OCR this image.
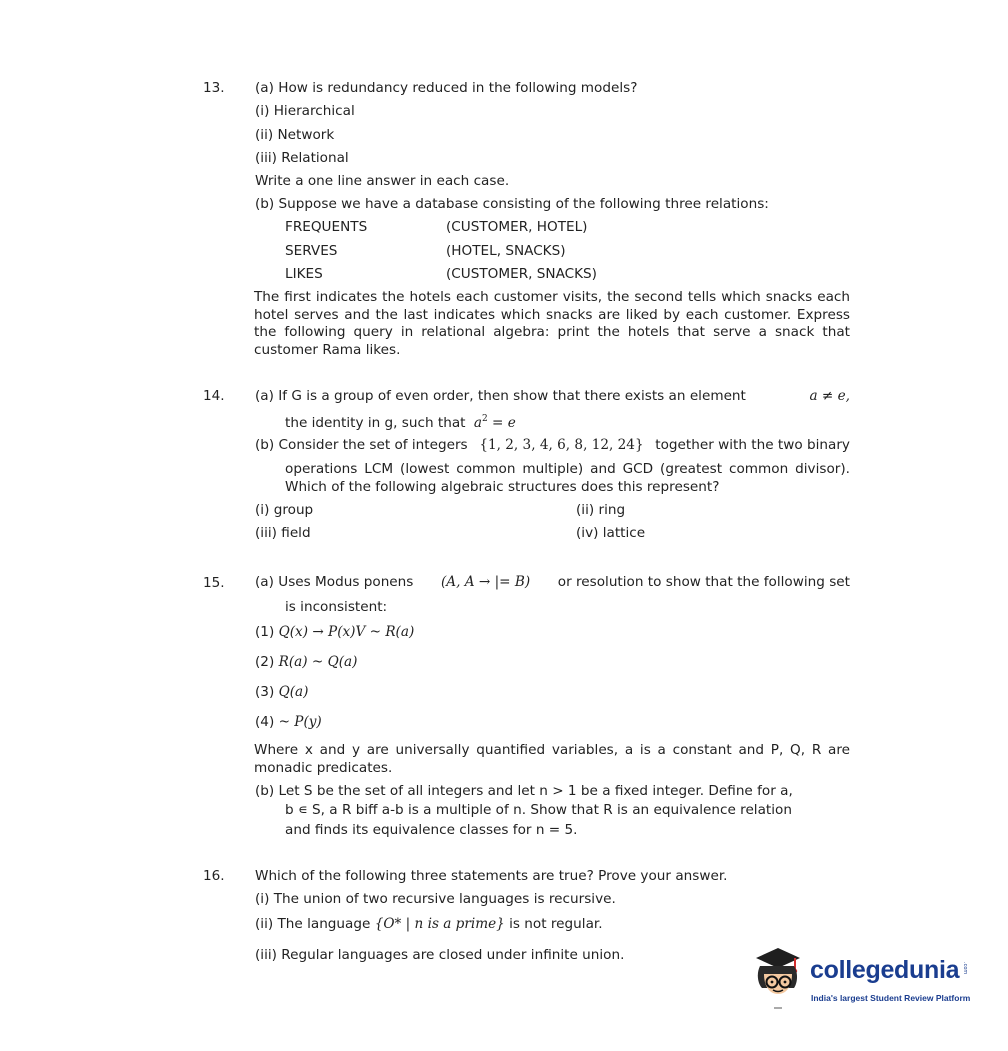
13. (a) How is redundancy reduced in the following models?
(i) Hierarchical
(ii) Network
(iii) Relational
Write a one line answer in each case.
(b) Suppose we have a database consisting of the following three relations:
FREQUENTS	(CUSTOMER, HOTEL)
SERVES	(HOTEL, SNACKS)
LIKES	(CUSTOMER, SNACKS)
The first indicates the hotels each customer visits, the second tells which snacks each hotel serves and the last indicates which snacks are liked by each customer. Express the following query in relational algebra: print the hotels that serve a snack that customer Rama likes.
14. (a) If G is a group of even order, then show that there exists an element	a ≠ e,
the identity in g, such that $a^2 = e$
(b) Consider the set of integers {1, 2, 3, 4, 6, 8, 12, 24} together with the two binary
operations LCM (lowest common multiple) and GCD (greatest common divisor). Which of the following algebraic structures does this represent?
(i) group	(ii) ring
(iii) field	(iv) lattice
15. (a) Uses Modus ponens (A, A → |= B) or resolution to show that the following set
is inconsistent:
(1) Q(x) → P(x)V ~ R(a)
(2) R(a) ~ Q(a)
(3) Q(a)
(4) ~ P(y)
Where x and y are universally quantified variables, a is a constant and P, Q, R are monadic predicates.
(b) Let S be the set of all integers and let n > 1 be a fixed integer. Define for a,
b ∊ S, a R biff a-b is a multiple of n. Show that R is an equivalence relation
and finds its equivalence classes for n = 5.
16. Which of the following three statements are true? Prove your answer.
(i) The union of two recursive languages is recursive.
(ii) The language {O* | n is a prime} is not regular.
(iii) Regular languages are closed under infinite union.
collegedunia .com
India's largest Student Review Platform
